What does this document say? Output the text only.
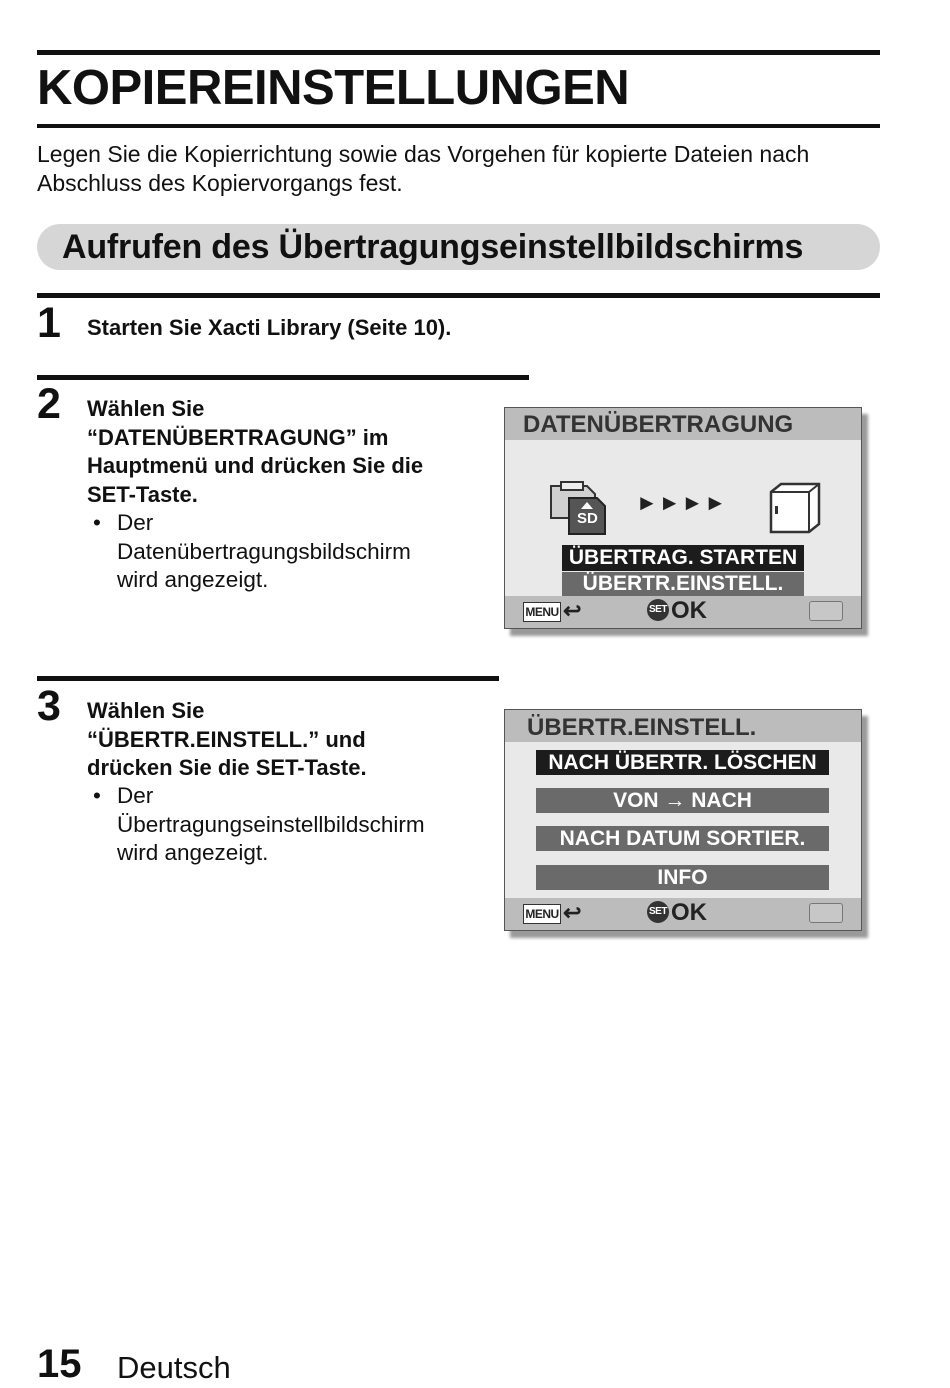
KOPIEREINSTELLUNGEN
Legen Sie die Kopierrichtung sowie das Vorgehen für kopierte Dateien nach Abschluss des Kopiervorgangs fest.
Aufrufen des Übertragungseinstellbildschirms
1 Starten Sie Xacti Library (Seite 10).
2 Wählen Sie
“DATENÜBERTRAGUNG” im
Hauptmenü und drücken Sie die
SET-Taste.
• Der
Datenübertragungsbildschirm
wird angezeigt.
DATENÜBERTRAGUNG
SD
►►►►
ÜBERTRAG. STARTEN
ÜBERTR.EINSTELL.
MENU ↩	SET OK
3 Wählen Sie
“ÜBERTR.EINSTELL.” und
drücken Sie die SET-Taste.
• Der
Übertragungseinstellbildschirm
wird angezeigt.
ÜBERTR.EINSTELL.
NACH ÜBERTR. LÖSCHEN
VON → NACH
NACH DATUM SORTIER.
INFO
MENU ↩	SET OK
15 Deutsch
